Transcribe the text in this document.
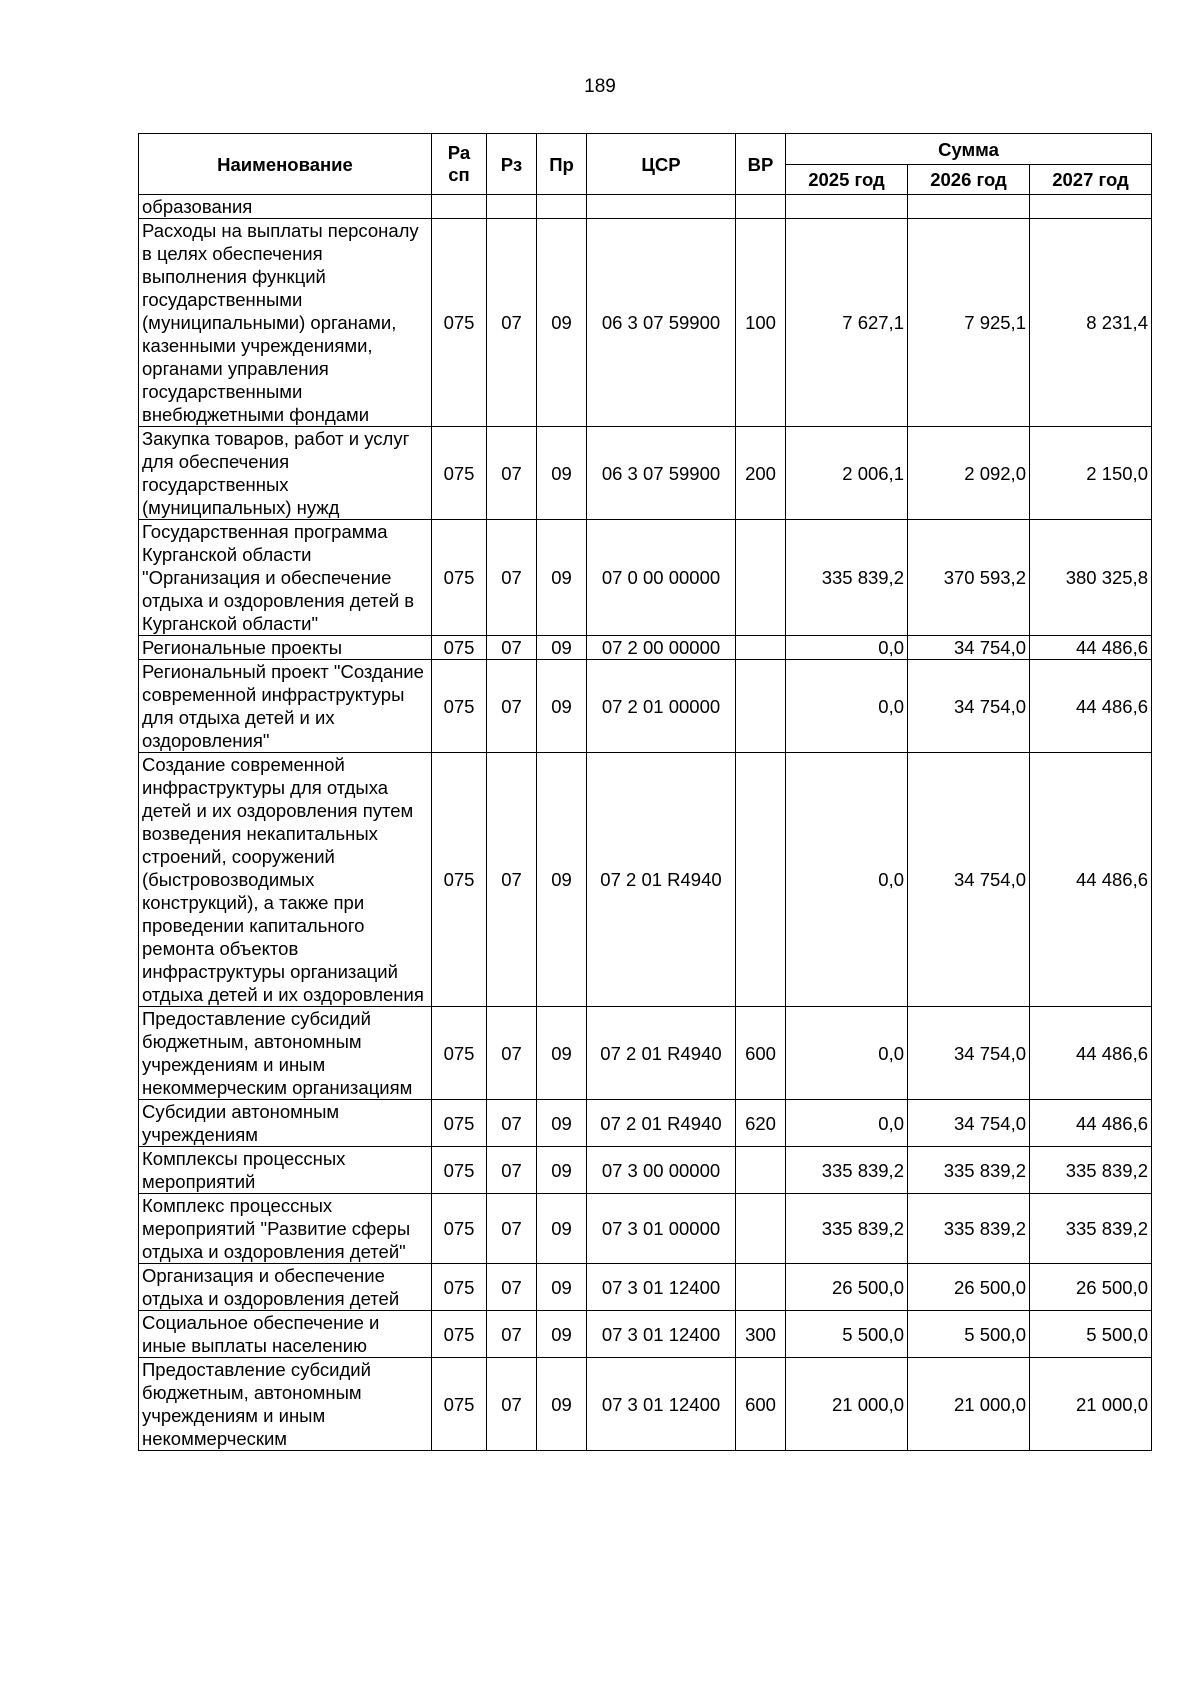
189
Наименование	Ра сп	Рз	Пр	ЦСР	ВР	Сумма		
						2025 год	2026 год	2027 год
образования								
Расходы на выплаты персоналу в целях обеспечения выполнения функций государственными (муниципальными) органами, казенными учреждениями, органами управления государственными внебюджетными фондами	075	07	09	06 3 07 59900	100	7 627,1	7 925,1	8 231,4
Закупка товаров, работ и услуг для обеспечения государственных (муниципальных) нужд	075	07	09	06 3 07 59900	200	2 006,1	2 092,0	2 150,0
Государственная программа Курганской области "Организация и обеспечение отдыха и оздоровления детей в Курганской области"	075	07	09	07 0 00 00000		335 839,2	370 593,2	380 325,8
Региональные проекты	075	07	09	07 2 00 00000		0,0	34 754,0	44 486,6
Региональный проект "Создание современной инфраструктуры для отдыха детей и их оздоровления"	075	07	09	07 2 01 00000		0,0	34 754,0	44 486,6
Создание современной инфраструктуры для отдыха детей и их оздоровления путем возведения некапитальных строений, сооружений (быстровозводимых конструкций), а также при проведении капитального ремонта объектов инфраструктуры организаций отдыха детей и их оздоровления	075	07	09	07 2 01 R4940		0,0	34 754,0	44 486,6
Предоставление субсидий бюджетным, автономным учреждениям и иным некоммерческим организациям	075	07	09	07 2 01 R4940	600	0,0	34 754,0	44 486,6
Субсидии автономным учреждениям	075	07	09	07 2 01 R4940	620	0,0	34 754,0	44 486,6
Комплексы процессных мероприятий	075	07	09	07 3 00 00000		335 839,2	335 839,2	335 839,2
Комплекс процессных мероприятий "Развитие сферы отдыха и оздоровления детей"	075	07	09	07 3 01 00000		335 839,2	335 839,2	335 839,2
Организация и обеспечение отдыха и оздоровления детей	075	07	09	07 3 01 12400		26 500,0	26 500,0	26 500,0
Социальное обеспечение и иные выплаты населению	075	07	09	07 3 01 12400	300	5 500,0	5 500,0	5 500,0
Предоставление субсидий бюджетным, автономным учреждениям и иным некоммерческим	075	07	09	07 3 01 12400	600	21 000,0	21 000,0	21 000,0
